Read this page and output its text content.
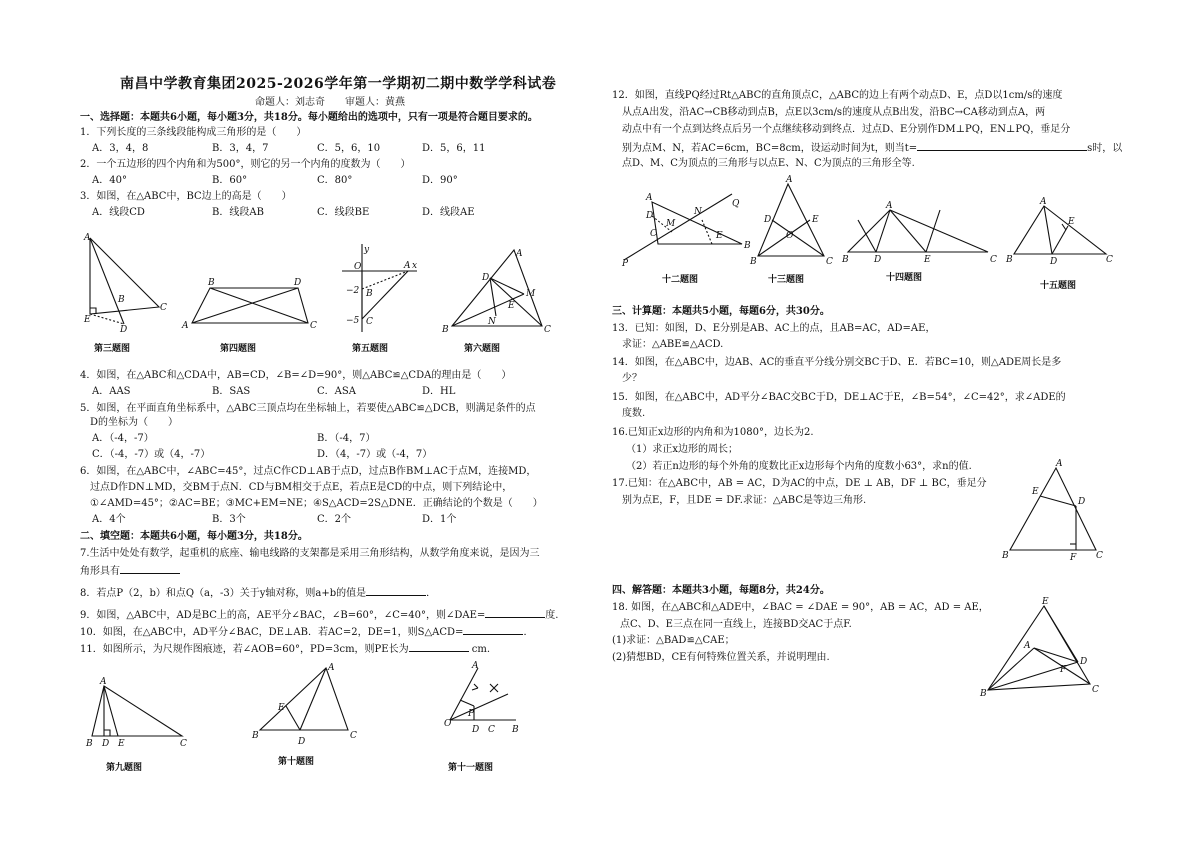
南昌中学教育集团2025-2026学年第一学期初二期中数学学科试卷
命题人：刘志奇　　审题人：黄燕
一、选择题：本题共6小题，每小题3分，共18分。每小题给出的选项中，只有一项是符合题目要求的。
1．下列长度的三条线段能构成三角形的是（　　）
A．3，4，8	B．3，4，7	C．5，6，10	D．5，6，11
2．一个五边形的四个内角和为500°，则它的另一个内角的度数为（　　）
A．40°	B．60°	C．80°	D．90°
3．如图，在△ABC中，BC边上的高是（　　）
A．线段CD	B．线段AB	C．线段BE	D．线段AE
A
B
C
E
D
第三题图
B	D
A	C
第四题图
y
x
O	A
−2 B
−5 C
第五题图
A
D
M
E
N
B	C
第六题图
4．如图，在△ABC和△CDA中，AB=CD，∠B=∠D=90°，则△ABC≌△CDA的理由是（　　）
A．AAS	B．SAS	C．ASA	D．HL
5．如图，在平面直角坐标系中，△ABC三顶点均在坐标轴上，若要使△ABC≌△DCB，则满足条件的点
D的坐标为（　　）
A．（-4，-7）	B．（-4，7）
C．（-4，-7）或（4，-7）	D．（4，-7）或（-4，7）
6．如图，在△ABC中，∠ABC=45°，过点C作CD⊥AB于点D，过点B作BM⊥AC于点M，连接MD，
过点D作DN⊥MD，交BM于点N．CD与BM相交于点E，若点E是CD的中点，则下列结论中，
①∠AMD=45°；②AC=BE；③MC+EM=NE；④S△ACD=2S△DNE．正确结论的个数是（　　）
A．4个	B．3个	C．2个	D．1个
二、填空题：本题共6小题，每小题3分，共18分。
7.生活中处处有数学，起重机的底座、输电线路的支架都是采用三角形结构，从数学角度来说，是因为三
角形具有
8．若点P（2，b）和点Q（a，-3）关于y轴对称，则a+b的值是	．
9．如图，△ABC中，AD是BC上的高，AE平分∠BAC，∠B=60°，∠C=40°，则∠DAE=	度.
10．如图，在△ABC中，AD平分∠BAC，DE⊥AB．若AC=2，DE=1，则S△ACD=	．
11．如图所示，为尺规作图痕迹，若∠AOB=60°，PD=3cm，则PE长为	cm.
A
B D E	C
第九题图
A
E
B
D
C
第十题图
A
O
P
D C B
第十一题图
12．如图，直线PQ经过Rt△ABC的直角顶点C，△ABC的边上有两个动点D、E，点D以1cm/s的速度
从点A出发，沿AC→CB移动到点B，点E以3cm/s的速度从点B出发，沿BC→CA移动到点A，两
动点中有一个点到达终点后另一个点继续移动到终点．过点D、E分别作DM⊥PQ，EN⊥PQ，垂足分
别为点M、N，若AC=6cm，BC=8cm，设运动时间为t，则当t=	s时，以
点D、M、C为顶点的三角形与以点E、N、C为顶点的三角形全等.
A
D
C
M
N
Q
E
B
P
十二题图
A
D	E
O
B	C
十三题图
A
B	D	E	C
十四题图
A
E
B	D	C
十五题图
三、计算题：本题共5小题，每题6分，共30分。
13．已知：如图，D、E分别是AB、AC上的点，且AB=AC，AD=AE，
求证：△ABE≌△ACD.
14．如图，在△ABC中，边AB、AC的垂直平分线分别交BC于D、E．若BC=10，则△ADE周长是多
少？
15．如图，在△ABC中，AD平分∠BAC交BC于D，DE⊥AC于E，∠B=54°，∠C=42°，求∠ADE的
度数.
16.已知正x边形的内角和为1080°，边长为2.
（1）求正x边形的周长；
（2）若正n边形的每个外角的度数比正x边形每个内角的度数小63°，求n的值.
17.已知：在△ABC中，AB = AC，D为AC的中点，DE ⊥ AB，DF ⊥ BC，垂足分
别为点E，F，且DE = DF.求证：△ABC是等边三角形.
A
E
D
B	F C
四、解答题：本题共3小题，每题8分，共24分。
18. 如图，在△ABC和△ADE中，∠BAC = ∠DAE = 90°，AB = AC，AD = AE，
点C、D、E三点在同一直线上，连接BD交AC于点F.
(1)求证：△BAD≌△CAE；
(2)猜想BD，CE有何特殊位置关系，并说明理由.
E
A
D
F
B	C
